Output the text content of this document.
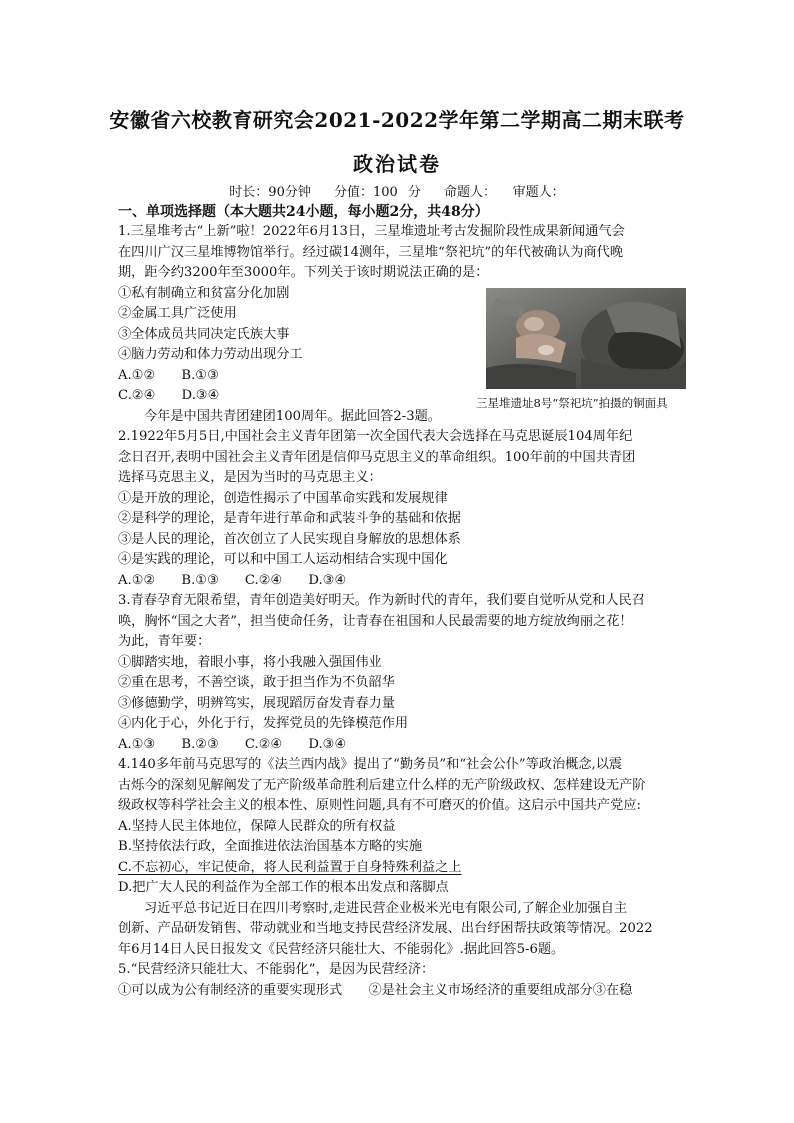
安徽省六校教育研究会2021-2022学年第二学期高二期末联考
政治试卷
时长：90分钟　 分值：100 分　 命题人：　 审题人：
一、单项选择题（本大题共24小题，每小题2分，共48分）
1.三星堆考古“上新”啦！2022年6月13日，三星堆遗址考古发掘阶段性成果新闻通气会
在四川广汉三星堆博物馆举行。经过碳14测年，三星堆“祭祀坑”的年代被确认为商代晚
期，距今约3200年至3000年。下列关于该时期说法正确的是：
①私有制确立和贫富分化加剧
②金属工具广泛使用
③全体成员共同决定氏族大事
④脑力劳动和体力劳动出现分工
A.①② B.①③
C.②④ D.③④
今年是中国共青团建团100周年。据此回答2-3题。
2.1922年5月5日,中国社会主义青年团第一次全国代表大会选择在马克思诞辰104周年纪
念日召开,表明中国社会主义青年团是信仰马克思主义的革命组织。100年前的中国共青团
选择马克思主义，是因为当时的马克思主义：
①是开放的理论，创造性揭示了中国革命实践和发展规律
②是科学的理论，是青年进行革命和武装斗争的基础和依据
③是人民的理论，首次创立了人民实现自身解放的思想体系
④是实践的理论，可以和中国工人运动相结合实现中国化
A.①② B.①③ C.②④ D.③④
3.青春孕育无限希望，青年创造美好明天。作为新时代的青年，我们要自觉听从党和人民召
唤，胸怀“国之大者”，担当使命任务，让青春在祖国和人民最需要的地方绽放绚丽之花！
为此，青年要：
①脚踏实地，着眼小事，将小我融入强国伟业
②重在思考，不善空谈，敢于担当作为不负韶华
③修德勤学，明辨笃实，展现蹈厉奋发青春力量
④内化于心，外化于行，发挥党员的先锋模范作用
A.①③ B.②③ C.②④ D.③④
4.140多年前马克思写的《法兰西内战》提出了“勤务员”和“社会公仆”等政治概念,以震
古烁今的深刻见解阐发了无产阶级革命胜利后建立什么样的无产阶级政权、怎样建设无产阶
级政权等科学社会主义的根本性、原则性问题,具有不可磨灭的价值。这启示中国共产党应:
A.坚持人民主体地位，保障人民群众的所有权益
B.坚持依法行政，全面推进依法治国基本方略的实施
C.不忘初心，牢记使命，将人民利益置于自身特殊利益之上
D.把广大人民的利益作为全部工作的根本出发点和落脚点
习近平总书记近日在四川考察时,走进民营企业极米光电有限公司,了解企业加强自主
创新、产品研发销售、带动就业和当地支持民营经济发展、出台纾困帮扶政策等情况。2022
年6月14日人民日报发文《民营经济只能壮大、不能弱化》.据此回答5-6题。
5.“民营经济只能壮大、不能弱化”，是因为民营经济：
①可以成为公有制经济的重要实现形式　　②是社会主义市场经济的重要组成部分③在稳
三星堆遗址8号“祭祀坑”拍摄的铜面具
